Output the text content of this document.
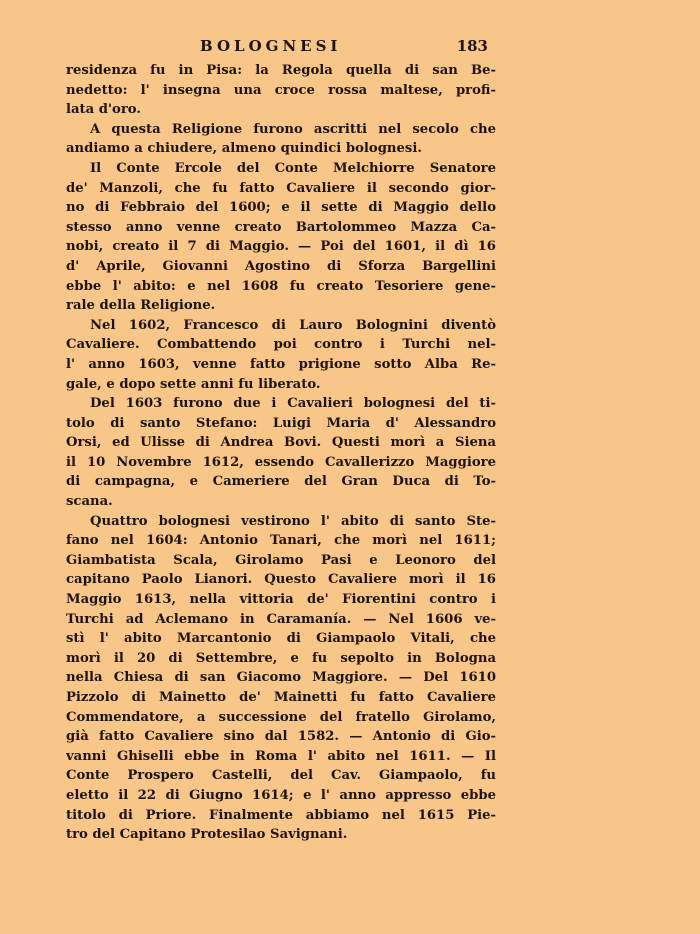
BOLOGNESI	183
residenza fu in Pisa: la Regola quella di san Be-
nedetto: l' insegna una croce rossa maltese, profi-
lata d'oro.
A questa Religione furono ascritti nel secolo che
andiamo a chiudere, almeno quindici bolognesi.
Il Conte Ercole del Conte Melchiorre Senatore
de' Manzoli, che fu fatto Cavaliere il secondo gior-
no di Febbraio del 1600; e il sette di Maggio dello
stesso anno venne creato Bartolommeo Mazza Ca-
nobi, creato il 7 di Maggio. — Poi del 1601, il dì 16
d' Aprile, Giovanni Agostino di Sforza Bargellini
ebbe l' abito: e nel 1608 fu creato Tesoriere gene-
rale della Religione.
Nel 1602, Francesco di Lauro Bolognini diventò
Cavaliere. Combattendo poi contro i Turchi nel-
l' anno 1603, venne fatto prigione sotto Alba Re-
gale, e dopo sette anni fu liberato.
Del 1603 furono due i Cavalieri bolognesi del ti-
tolo di santo Stefano: Luigi Maria d' Alessandro
Orsi, ed Ulisse di Andrea Bovi. Questi morì a Siena
il 10 Novembre 1612, essendo Cavallerizzo Maggiore
di campagna, e Cameriere del Gran Duca di To-
scana.
Quattro bolognesi vestirono l' abito di santo Ste-
fano nel 1604: Antonio Tanari, che morì nel 1611;
Giambatista Scala, Girolamo Pasi e Leonoro del
capitano Paolo Lianori. Questo Cavaliere morì il 16
Maggio 1613, nella vittoria de' Fiorentini contro i
Turchi ad Aclemano in Caramanía. — Nel 1606 ve-
stì l' abito Marcantonio di Giampaolo Vitali, che
morì il 20 di Settembre, e fu sepolto in Bologna
nella Chiesa di san Giacomo Maggiore. — Del 1610
Pizzolo di Mainetto de' Mainetti fu fatto Cavaliere
Commendatore, a successione del fratello Girolamo,
già fatto Cavaliere sino dal 1582. — Antonio di Gio-
vanni Ghiselli ebbe in Roma l' abito nel 1611. — Il
Conte Prospero Castelli, del Cav. Giampaolo, fu
eletto il 22 di Giugno 1614; e l' anno appresso ebbe
titolo di Priore. Finalmente abbiamo nel 1615 Pie-
tro del Capitano Protesilao Savignani.
